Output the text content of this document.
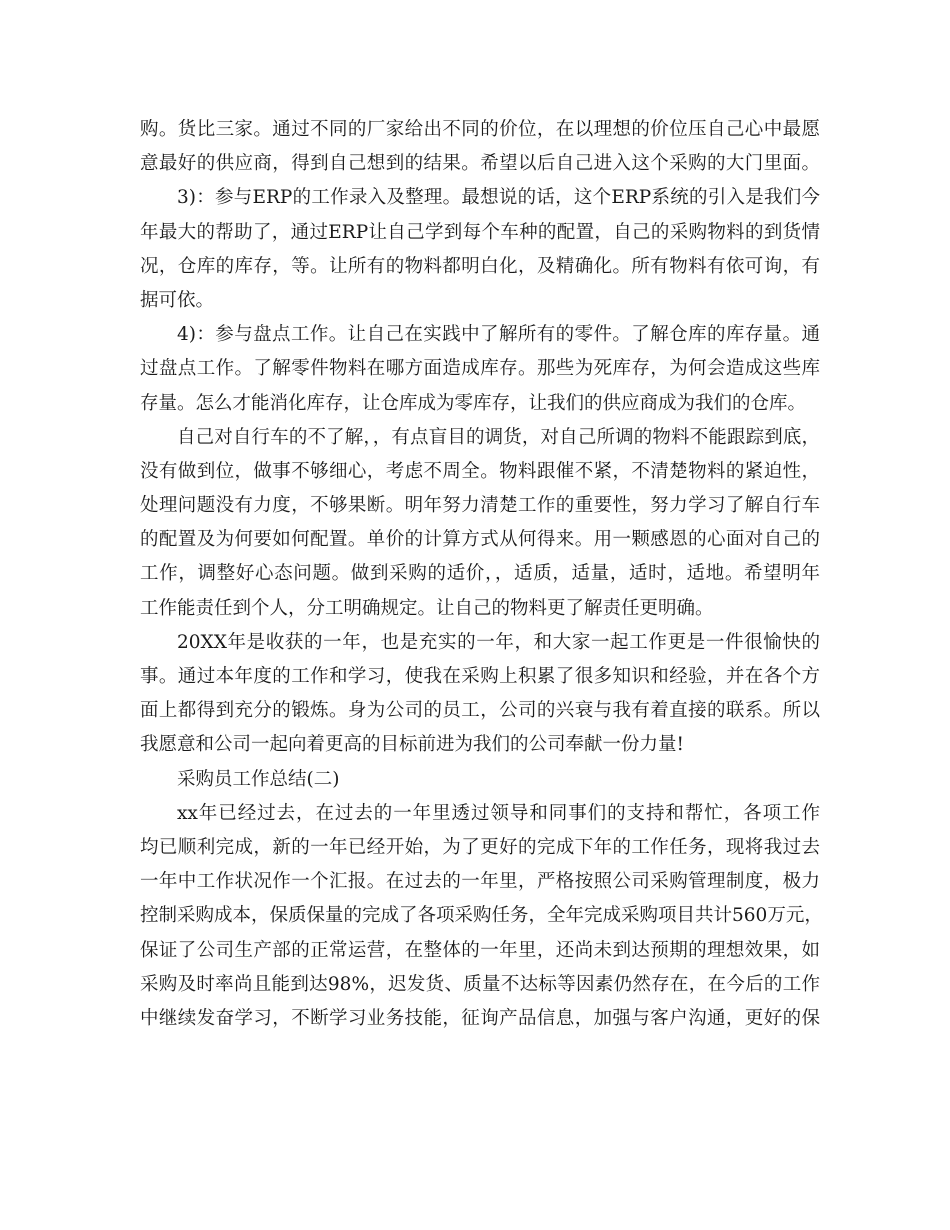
购。货比三家。通过不同的厂家给出不同的价位，在以理想的价位压自己心中最愿
意最好的供应商，得到自己想到的结果。希望以后自己进入这个采购的大门里面。
3)：参与ERP的工作录入及整理。最想说的话，这个ERP系统的引入是我们今
年最大的帮助了，通过ERP让自己学到每个车种的配置，自己的采购物料的到货情
况，仓库的库存，等。让所有的物料都明白化，及精确化。所有物料有依可询，有
据可依。
4)：参与盘点工作。让自己在实践中了解所有的零件。了解仓库的库存量。通
过盘点工作。了解零件物料在哪方面造成库存。那些为死库存，为何会造成这些库
存量。怎么才能消化库存，让仓库成为零库存，让我们的供应商成为我们的仓库。
自己对自行车的不了解，，有点盲目的调货，对自己所调的物料不能跟踪到底，
没有做到位，做事不够细心，考虑不周全。物料跟催不紧，不清楚物料的紧迫性，
处理问题没有力度，不够果断。明年努力清楚工作的重要性，努力学习了解自行车
的配置及为何要如何配置。单价的计算方式从何得来。用一颗感恩的心面对自己的
工作，调整好心态问题。做到采购的适价，，适质，适量，适时，适地。希望明年
工作能责任到个人，分工明确规定。让自己的物料更了解责任更明确。
20XX年是收获的一年，也是充实的一年，和大家一起工作更是一件很愉快的
事。通过本年度的工作和学习，使我在采购上积累了很多知识和经验，并在各个方
面上都得到充分的锻炼。身为公司的员工，公司的兴衰与我有着直接的联系。所以
我愿意和公司一起向着更高的目标前进为我们的公司奉献一份力量!
采购员工作总结(二)
xx年已经过去，在过去的一年里透过领导和同事们的支持和帮忙，各项工作
均已顺利完成，新的一年已经开始，为了更好的完成下年的工作任务，现将我过去
一年中工作状况作一个汇报。在过去的一年里，严格按照公司采购管理制度，极力
控制采购成本，保质保量的完成了各项采购任务，全年完成采购项目共计560万元，
保证了公司生产部的正常运营，在整体的一年里，还尚未到达预期的理想效果，如
采购及时率尚且能到达98%，迟发货、质量不达标等因素仍然存在，在今后的工作
中继续发奋学习，不断学习业务技能，征询产品信息，加强与客户沟通，更好的保
